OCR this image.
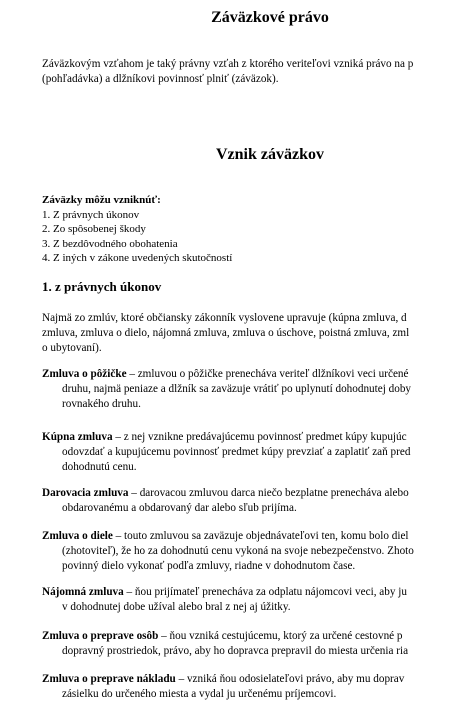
Záväzkové právo
Záväzkovým vzťahom je taký právny vzťah z ktorého veriteľovi vzniká právo na p
(pohľadávka) a dlžníkovi povinnosť plniť (záväzok).
Vznik záväzkov
Záväzky môžu vzniknúť:
1. Z právnych úkonov
2. Zo spôsobenej škody
3. Z bezdôvodného obohatenia
4. Z iných v zákone uvedených skutočností
1. z právnych úkonov
Najmä zo zmlúv, ktoré občiansky zákonník vyslovene upravuje (kúpna zmluva, d
zmluva, zmluva o dielo, nájomná zmluva, zmluva o úschove, poistná zmluva, zml
o ubytovaní).
Zmluva o pôžičke – zmluvou o pôžičke prenecháva veriteľ dlžníkovi veci určené
druhu, najmä peniaze a dlžník sa zaväzuje vrátiť po uplynutí dohodnutej doby
rovnakého druhu.
Kúpna zmluva – z nej vznikne predávajúcemu povinnosť predmet kúpy kupujúc
odovzdať a kupujúcemu povinnosť predmet kúpy prevziať a zaplatiť zaň pred
dohodnutú cenu.
Darovacia zmluva – darovacou zmluvou darca niečo bezplatne prenecháva alebo
obdarovanému a obdarovaný dar alebo sľub prijíma.
Zmluva o diele – touto zmluvou sa zaväzuje objednávateľovi ten, komu bolo diel
(zhotoviteľ), že ho za dohodnutú cenu vykoná na svoje nebezpečenstvo. Zhoto
povinný dielo vykonať podľa zmluvy, riadne v dohodnutom čase.
Nájomná zmluva – ňou prijímateľ prenecháva za odplatu nájomcovi veci, aby ju
v dohodnutej dobe užíval alebo bral z nej aj úžitky.
Zmluva o preprave osôb – ňou vzniká cestujúcemu, ktorý za určené cestovné p
dopravný prostriedok, právo, aby ho dopravca prepravil do miesta určenia ria
Zmluva o preprave nákladu – vzniká ňou odosielateľovi právo, aby mu doprav
zásielku do určeného miesta a vydal ju určenému príjemcovi.
